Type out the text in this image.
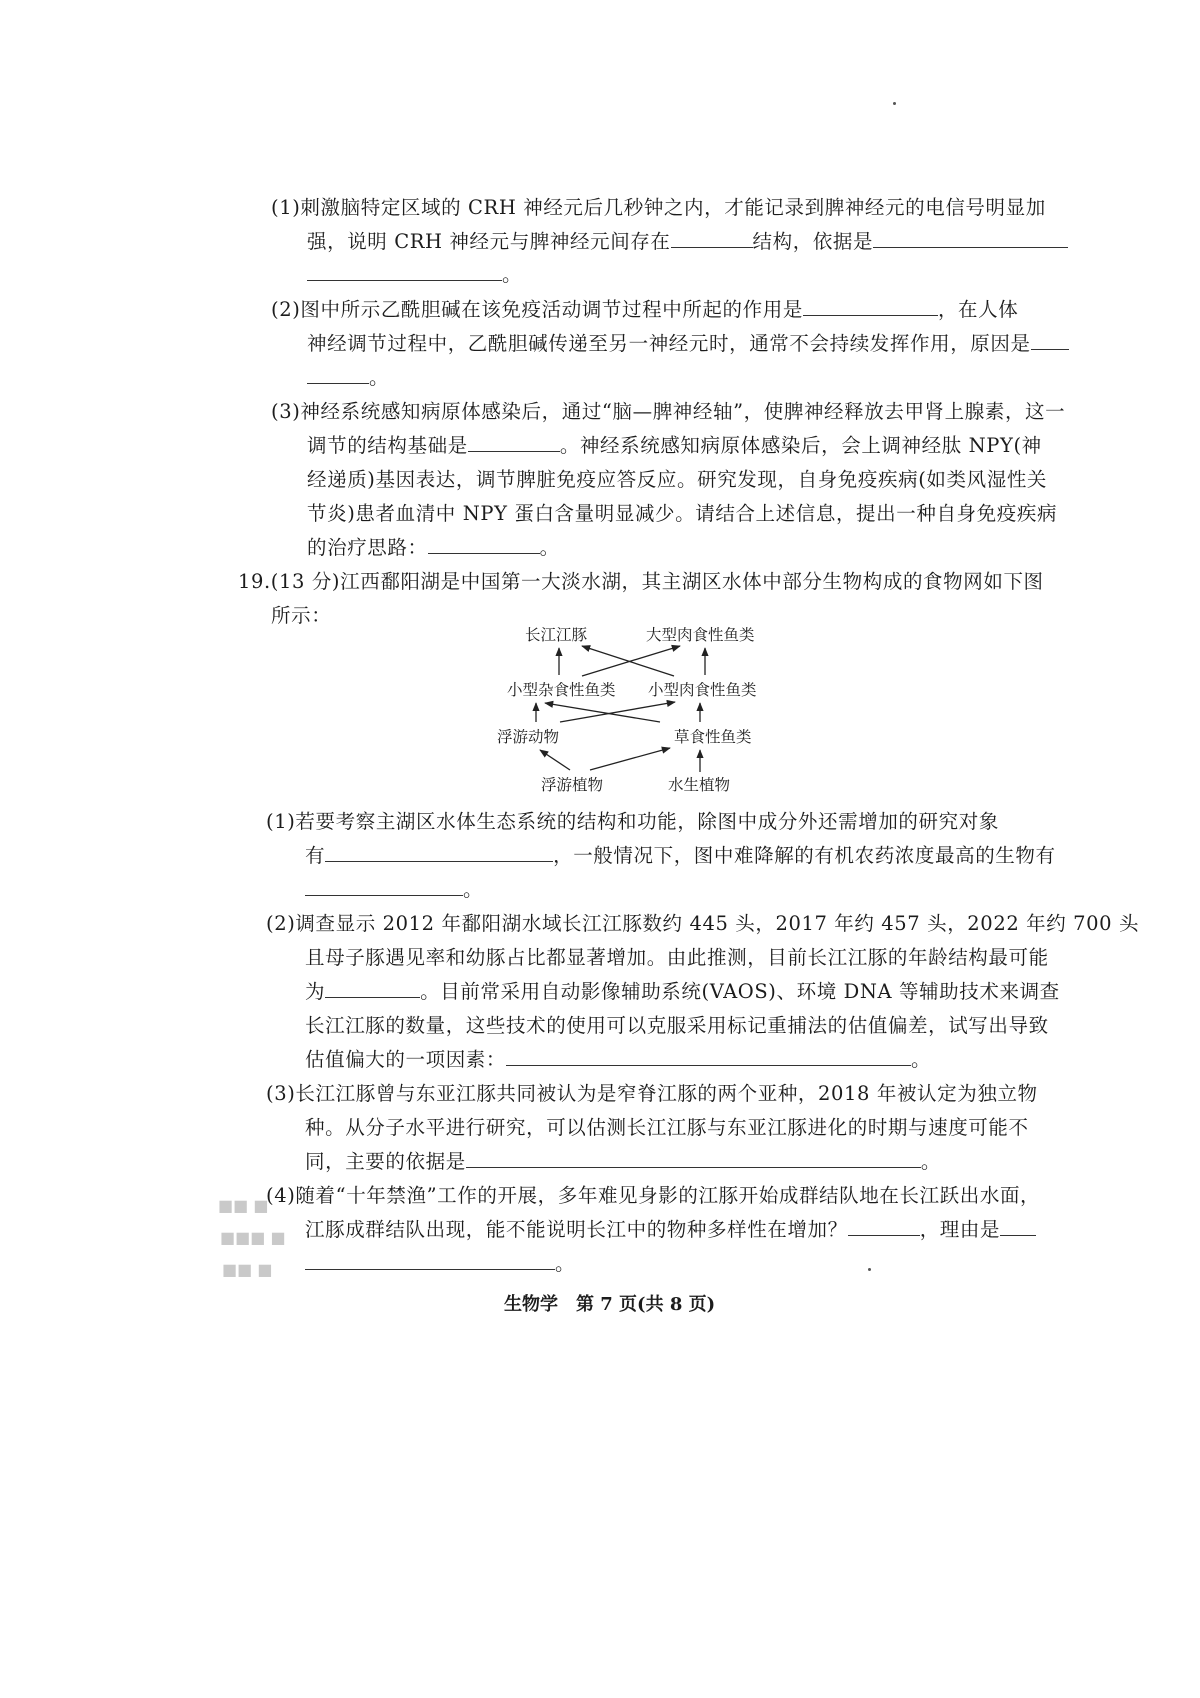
■■ ■
■■■ ■
■■ ■
(1)刺激脑特定区域的 CRH 神经元后几秒钟之内，才能记录到脾神经元的电信号明显加
强，说明 CRH 神经元与脾神经元间存在	结构，依据是
。
(2)图中所示乙酰胆碱在该免疫活动调节过程中所起的作用是	，在人体
神经调节过程中，乙酰胆碱传递至另一神经元时，通常不会持续发挥作用，原因是
。
(3)神经系统感知病原体感染后，通过“脑—脾神经轴”，使脾神经释放去甲肾上腺素，这一
调节的结构基础是	。神经系统感知病原体感染后，会上调神经肽 NPY(神
经递质)基因表达，调节脾脏免疫应答反应。研究发现，自身免疫疾病(如类风湿性关
节炎)患者血清中 NPY 蛋白含量明显减少。请结合上述信息，提出一种自身免疫疾病
的治疗思路：	。
19.(13 分)江西鄱阳湖是中国第一大淡水湖，其主湖区水体中部分生物构成的食物网如下图
所示：
长江江豚	大型肉食性鱼类
小型杂食性鱼类 小型肉食性鱼类
浮游动物	草食性鱼类
浮游植物	水生植物
(1)若要考察主湖区水体生态系统的结构和功能，除图中成分外还需增加的研究对象
有	，一般情况下，图中难降解的有机农药浓度最高的生物有
。
(2)调查显示 2012 年鄱阳湖水域长江江豚数约 445 头，2017 年约 457 头，2022 年约 700 头
且母子豚遇见率和幼豚占比都显著增加。由此推测，目前长江江豚的年龄结构最可能
为	。目前常采用自动影像辅助系统(VAOS)、环境 DNA 等辅助技术来调查
长江江豚的数量，这些技术的使用可以克服采用标记重捕法的估值偏差，试写出导致
估值偏大的一项因素：	。
(3)长江江豚曾与东亚江豚共同被认为是窄脊江豚的两个亚种，2018 年被认定为独立物
种。从分子水平进行研究，可以估测长江江豚与东亚江豚进化的时期与速度可能不
同，主要的依据是	。
(4)随着“十年禁渔”工作的开展，多年难见身影的江豚开始成群结队地在长江跃出水面，
江豚成群结队出现，能不能说明长江中的物种多样性在增加？	，理由是
。
生物学　第 7 页(共 8 页)
